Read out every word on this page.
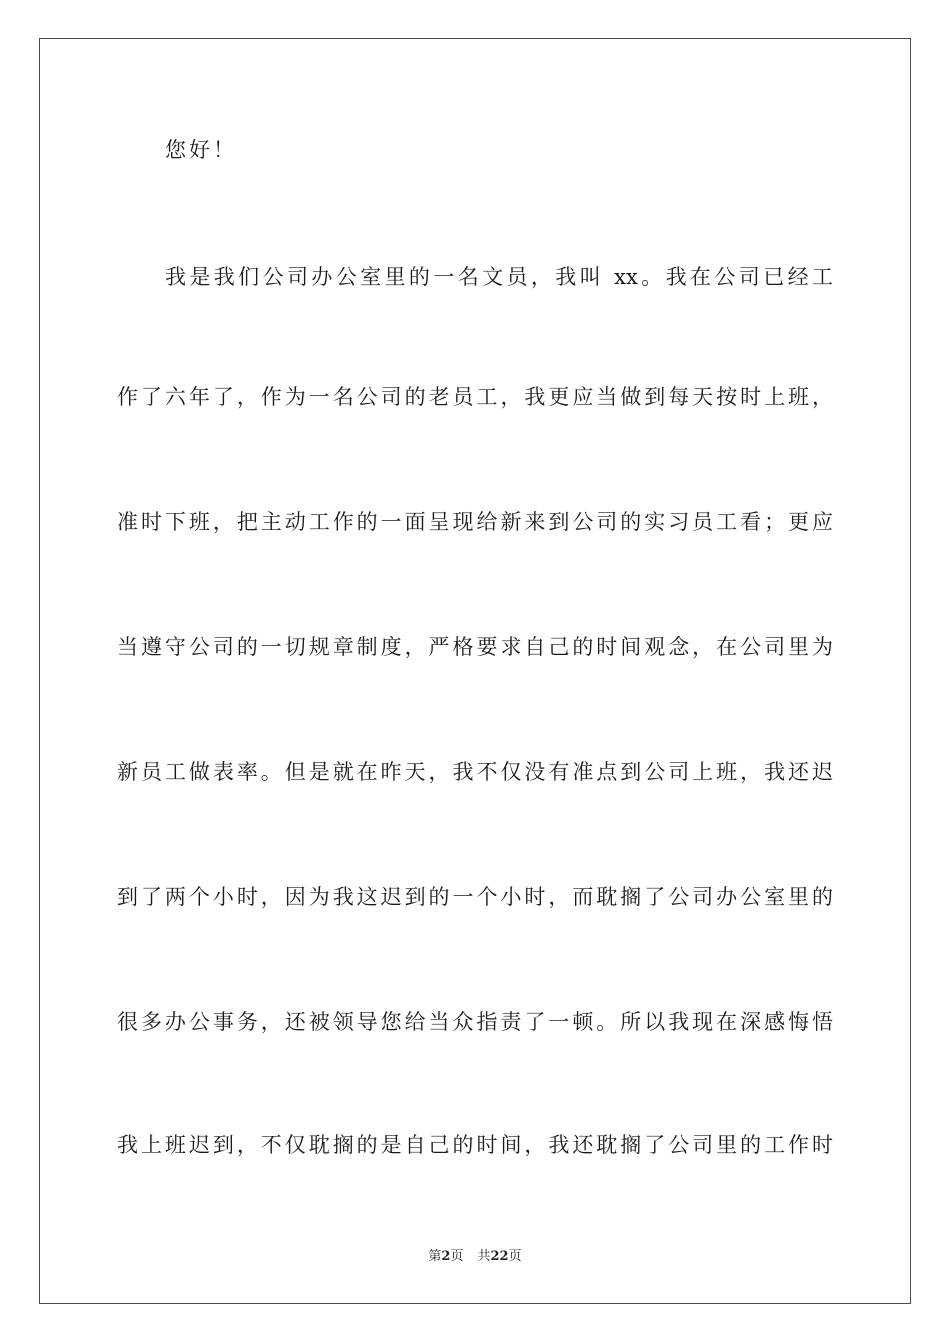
您好！
我是我们公司办公室里的一名文员，我叫 xx。我在公司已经工
作了六年了，作为一名公司的老员工，我更应当做到每天按时上班，
准时下班，把主动工作的一面呈现给新来到公司的实习员工看；更应
当遵守公司的一切规章制度，严格要求自己的时间观念，在公司里为
新员工做表率。但是就在昨天，我不仅没有准点到公司上班，我还迟
到了两个小时，因为我这迟到的一个小时，而耽搁了公司办公室里的
很多办公事务，还被领导您给当众指责了一顿。所以我现在深感悔悟
我上班迟到，不仅耽搁的是自己的时间，我还耽搁了公司里的工作时
第2页 共22页
